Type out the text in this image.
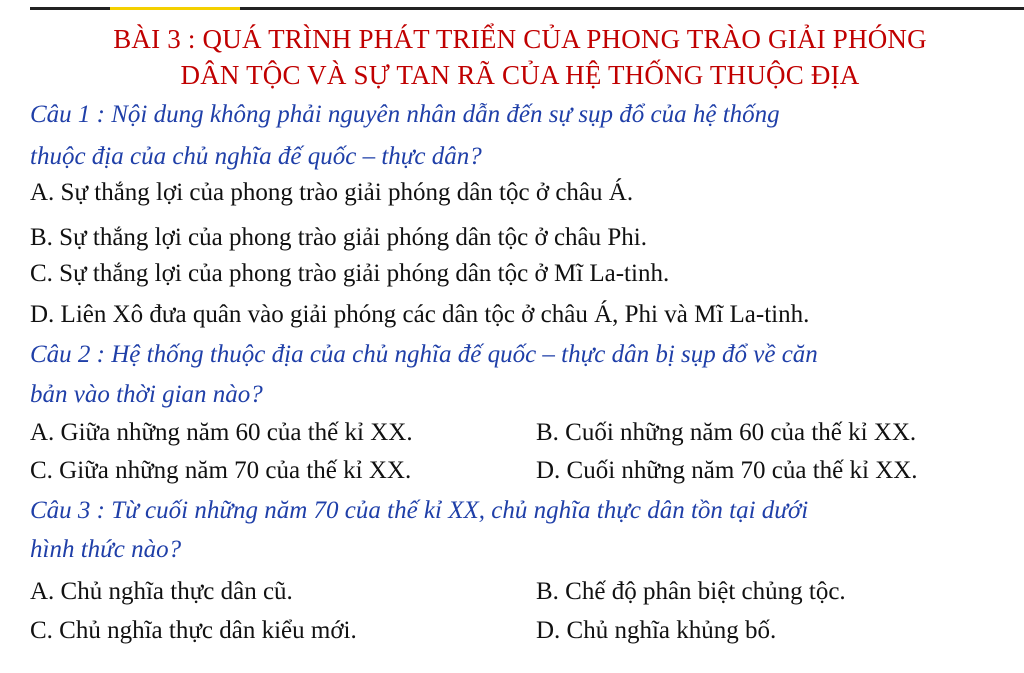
BÀI 3 : QUÁ TRÌNH PHÁT TRIỂN CỦA PHONG TRÀO GIẢI PHÓNG
DÂN TỘC VÀ SỰ TAN RÃ CỦA HỆ THỐNG THUỘC ĐỊA
Câu 1 : Nội dung không phải nguyên nhân dẫn đến sự sụp đổ của hệ thống
thuộc địa của chủ nghĩa đế quốc – thực dân?
A. Sự thắng lợi của phong trào giải phóng dân tộc ở châu Á.
B. Sự thắng lợi của phong trào giải phóng dân tộc ở châu Phi.
C. Sự thắng lợi của phong trào giải phóng dân tộc ở Mĩ La-tinh.
D. Liên Xô đưa quân vào giải phóng các dân tộc ở châu Á, Phi và Mĩ La-tinh.
Câu 2 : Hệ thống thuộc địa của chủ nghĩa đế quốc – thực dân bị sụp đổ về căn
bản vào thời gian nào?
A. Giữa những năm 60 của thế kỉ XX.	B. Cuối những năm 60 của thế kỉ XX.
C. Giữa những năm 70 của thế kỉ XX.	D. Cuối những năm 70 của thế kỉ XX.
Câu 3 : Từ cuối những năm 70 của thế kỉ XX, chủ nghĩa thực dân tồn tại dưới
hình thức nào?
A. Chủ nghĩa thực dân cũ.	B. Chế độ phân biệt chủng tộc.
C. Chủ nghĩa thực dân kiểu mới.	D. Chủ nghĩa khủng bố.
